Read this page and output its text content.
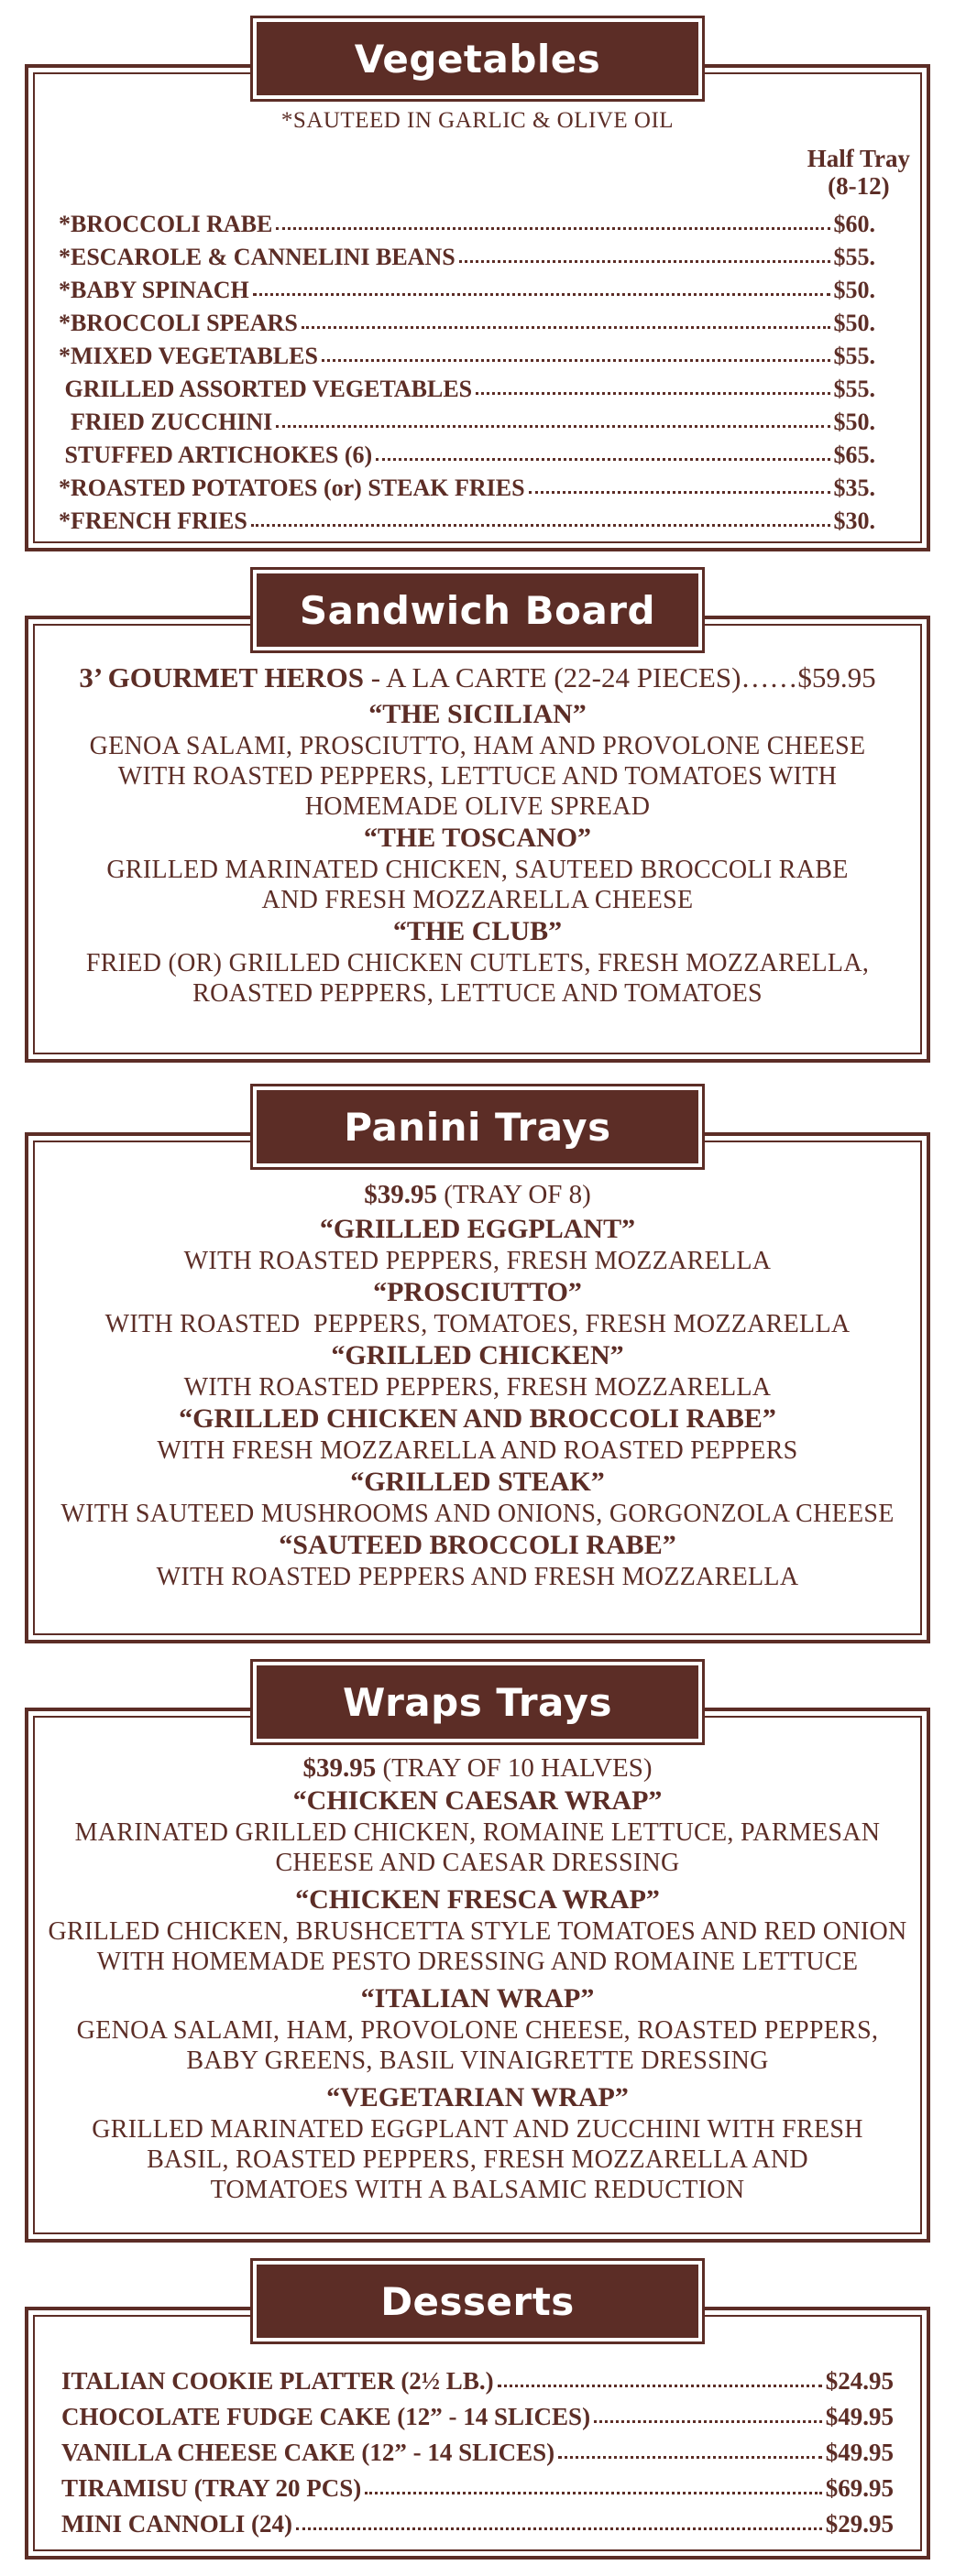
Vegetables
*SAUTEED IN GARLIC & OLIVE OIL
Half Tray
(8-12)
*BROCCOLI RABE	$60.
*ESCAROLE & CANNELINI BEANS	$55.
*BABY SPINACH	$50.
*BROCCOLI SPEARS	$50.
*MIXED VEGETABLES	$55.
GRILLED ASSORTED VEGETABLES	$55.
FRIED ZUCCHINI	$50.
STUFFED ARTICHOKES (6)	$65.
*ROASTED POTATOES (or) STEAK FRIES	$35.
*FRENCH FRIES	$30.
Sandwich Board
3’ GOURMET HEROS - A LA CARTE (22-24 PIECES)……$59.95
“THE SICILIAN”
GENOA SALAMI, PROSCIUTTO, HAM AND PROVOLONE CHEESE
WITH ROASTED PEPPERS, LETTUCE AND TOMATOES WITH
HOMEMADE OLIVE SPREAD
“THE TOSCANO”
GRILLED MARINATED CHICKEN, SAUTEED BROCCOLI RABE
AND FRESH MOZZARELLA CHEESE
“THE CLUB”
FRIED (OR) GRILLED CHICKEN CUTLETS, FRESH MOZZARELLA,
ROASTED PEPPERS, LETTUCE AND TOMATOES
Panini Trays
$39.95 (TRAY OF 8)
“GRILLED EGGPLANT”
WITH ROASTED PEPPERS, FRESH MOZZARELLA
“PROSCIUTTO”
WITH ROASTED  PEPPERS, TOMATOES, FRESH MOZZARELLA
“GRILLED CHICKEN”
WITH ROASTED PEPPERS, FRESH MOZZARELLA
“GRILLED CHICKEN AND BROCCOLI RABE”
WITH FRESH MOZZARELLA AND ROASTED PEPPERS
“GRILLED STEAK”
WITH SAUTEED MUSHROOMS AND ONIONS, GORGONZOLA CHEESE
“SAUTEED BROCCOLI RABE”
WITH ROASTED PEPPERS AND FRESH MOZZARELLA
Wraps Trays
$39.95 (TRAY OF 10 HALVES)
“CHICKEN CAESAR WRAP”
MARINATED GRILLED CHICKEN, ROMAINE LETTUCE, PARMESAN
CHEESE AND CAESAR DRESSING
“CHICKEN FRESCA WRAP”
GRILLED CHICKEN, BRUSHCETTA STYLE TOMATOES AND RED ONION
WITH HOMEMADE PESTO DRESSING AND ROMAINE LETTUCE
“ITALIAN WRAP”
GENOA SALAMI, HAM, PROVOLONE CHEESE, ROASTED PEPPERS,
BABY GREENS, BASIL VINAIGRETTE DRESSING
“VEGETARIAN WRAP”
GRILLED MARINATED EGGPLANT AND ZUCCHINI WITH FRESH
BASIL, ROASTED PEPPERS, FRESH MOZZARELLA AND
TOMATOES WITH A BALSAMIC REDUCTION
Desserts
ITALIAN COOKIE PLATTER (2½ LB.)	$24.95
CHOCOLATE FUDGE CAKE (12” - 14 SLICES)	$49.95
VANILLA CHEESE CAKE (12” - 14 SLICES)	$49.95
TIRAMISU (TRAY 20 PCS)	$69.95
MINI CANNOLI (24)	$29.95
